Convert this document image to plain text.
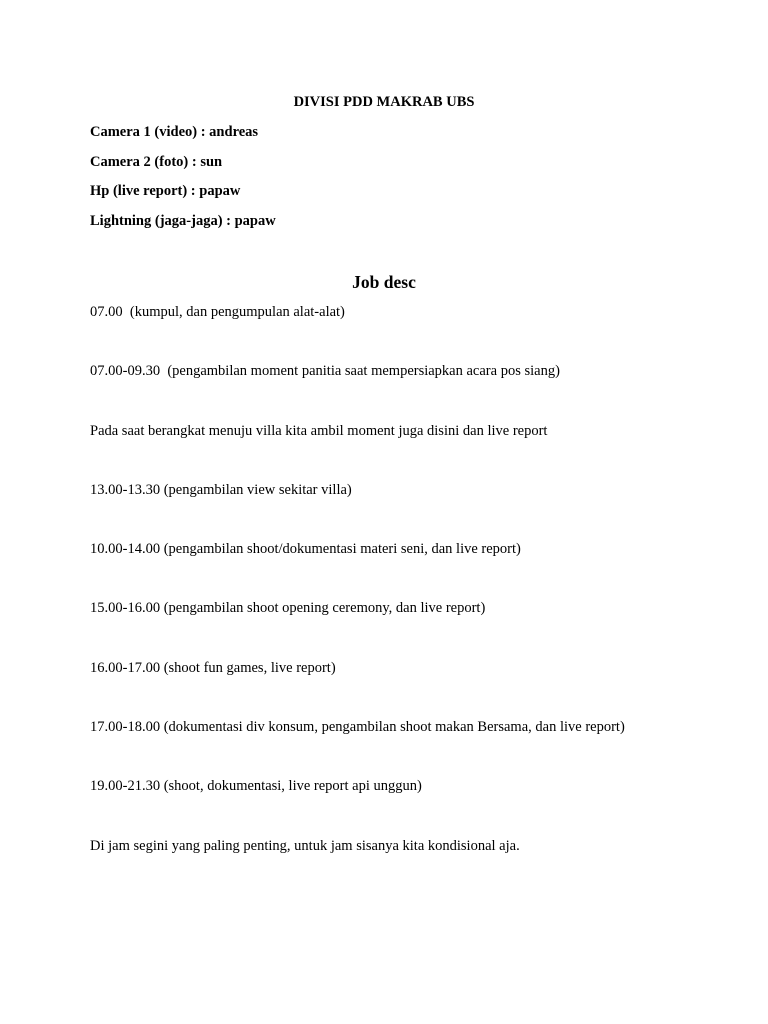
DIVISI PDD MAKRAB UBS
Camera 1 (video) : andreas
Camera 2 (foto) : sun
Hp (live report) : papaw
Lightning (jaga-jaga) : papaw
Job desc
07.00  (kumpul, dan pengumpulan alat-alat)
07.00-09.30  (pengambilan moment panitia saat mempersiapkan acara pos siang)
Pada saat berangkat menuju villa kita ambil moment juga disini dan live report
13.00-13.30 (pengambilan view sekitar villa)
10.00-14.00 (pengambilan shoot/dokumentasi materi seni, dan live report)
15.00-16.00 (pengambilan shoot opening ceremony, dan live report)
16.00-17.00 (shoot fun games, live report)
17.00-18.00 (dokumentasi div konsum, pengambilan shoot makan Bersama, dan live report)
19.00-21.30 (shoot, dokumentasi, live report api unggun)
Di jam segini yang paling penting, untuk jam sisanya kita kondisional aja.
